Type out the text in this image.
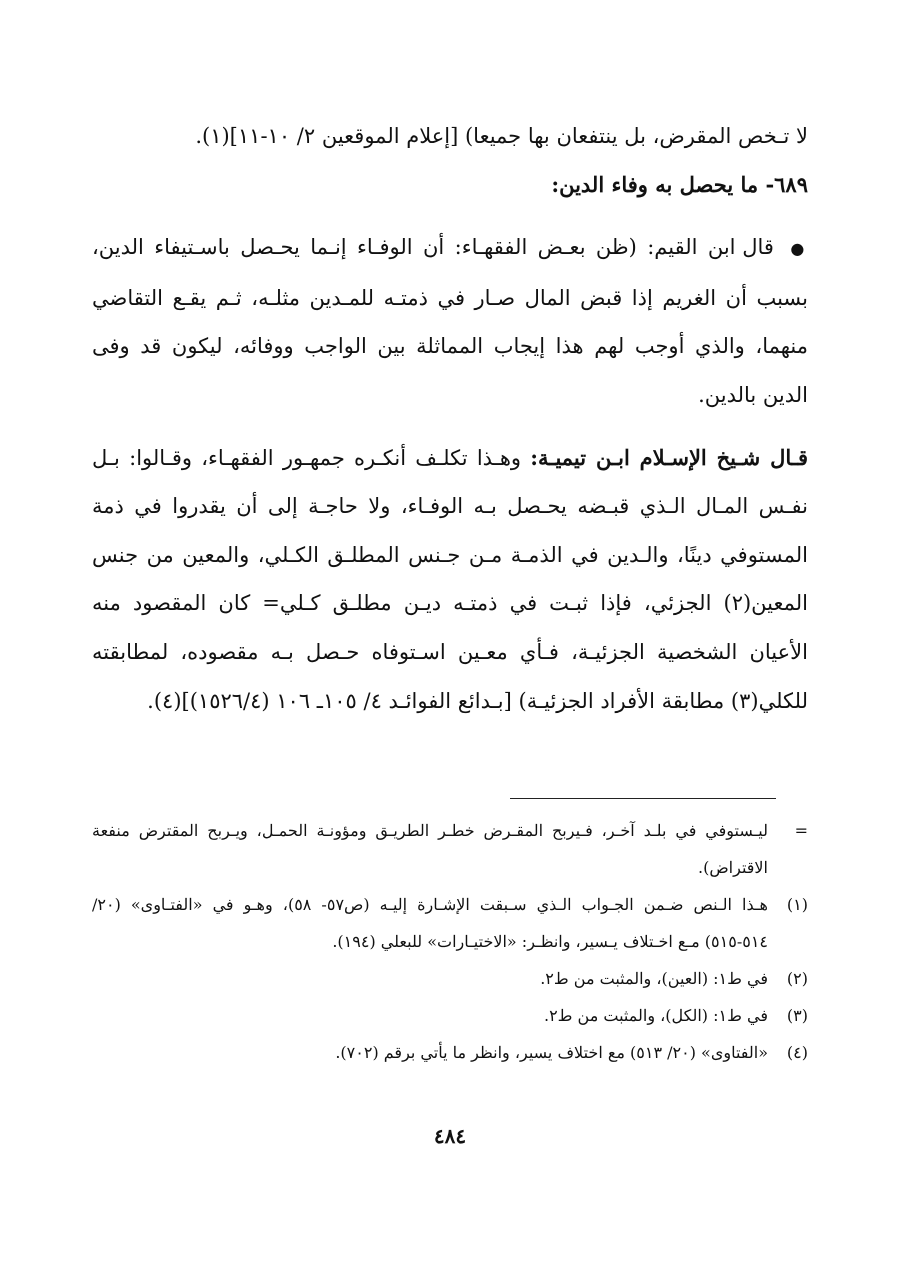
لا تـخص المقرض، بل ينتفعان بها جميعا) [إعلام الموقعين ٢/ ١٠-١١](١).

٦٨٩- ما يحصل به وفاء الدين:

● قال ابن القيم: (ظن بعـض الفقهـاء: أن الوفـاء إنـما يحـصل باسـتيفاء الدين، بسبب أن الغريم إذا قبض المال صـار في ذمتـه للمـدين مثلـه، ثـم يقـع التقاضي منهما، والذي أوجب لهم هذا إيجاب المماثلة بين الواجب ووفائه، ليكون قد وفى الدين بالدين.

قـال شـيخ الإسـلام ابـن تيميـة: وهـذا تكلـف أنكـره جمهـور الفقهـاء، وقـالوا: بـل نفـس المـال الـذي قبـضه يحـصل بـه الوفـاء، ولا حاجـة إلى أن يقدروا في ذمة المستوفي دينًا، والـدين في الذمـة مـن جـنس المطلـق الكـلي، والمعين من جنس المعين(٢) الجزئي، فإذا ثبـت في ذمتـه ديـن مطلـق كـلي= كان المقصود منه الأعيان الشخصية الجزئيـة، فـأي معـين اسـتوفاه حـصل بـه مقصوده، لمطابقته للكلي(٣) مطابقة الأفراد الجزئيـة) [بـدائع الفوائـد ٤/ ١٠٥ـ ١٠٦ (١٥٢٦/٤)](٤).

=
ليـستوفي في بلـد آخـر، فـيربح المقـرض خطـر الطريـق ومؤونـة الحمـل، ويـربح المقترض منفعة الاقتراض).
(١)
هـذا الـنص ضـمن الجـواب الـذي سـبقت الإشـارة إليـه (ص٥٧- ٥٨)، وهـو في «الفتـاوى» (٢٠/ ٥١٤-٥١٥) مـع اخـتلاف يـسير، وانظـر: «الاختيـارات» للبعلي (١٩٤).
(٢)
في ط١: (العين)، والمثبت من ط٢.
(٣)
في ط١: (الكل)، والمثبت من ط٢.
(٤)
«الفتاوى» (٢٠/ ٥١٣) مع اختلاف يسير، وانظر ما يأتي برقم (٧٠٢).
٤٨٤
